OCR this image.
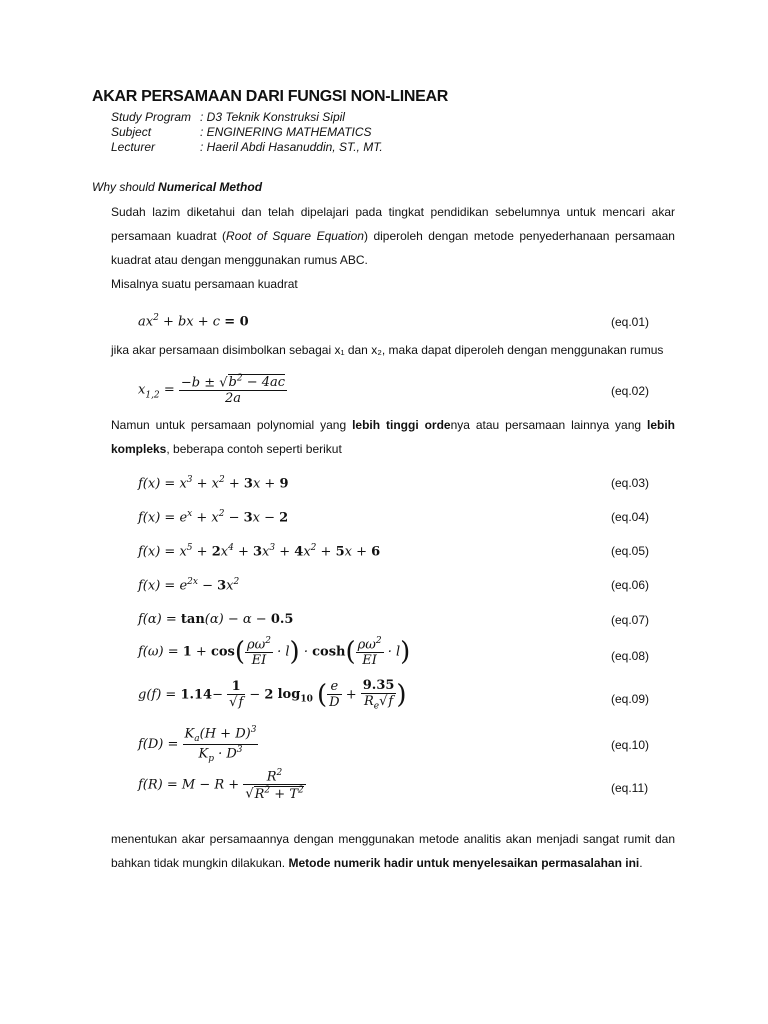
AKAR PERSAMAAN DARI FUNGSI NON-LINEAR
Study Program : D3 Teknik Konstruksi Sipil
Subject	: ENGINERING MATHEMATICS
Lecturer	: Haeril Abdi Hasanuddin, ST., MT.
Why should Numerical Method
Sudah lazim diketahui dan telah dipelajari pada tingkat pendidikan sebelumnya untuk mencari akar persamaan kuadrat (Root of Square Equation) diperoleh dengan metode penyederhanaan persamaan kuadrat atau dengan menggunakan rumus ABC.
Misalnya suatu persamaan kuadrat
$ax^2$ + bx + c = 0	(eq.01)
jika akar persamaan disimbolkan sebagai x₁ dan x₂, maka dapat diperoleh dengan menggunakan rumus
$x_{1,2} = \frac{-b \pm √b^2 - 4ac}{2a}$	(eq.02)
Namun untuk persamaan polynomial yang lebih tinggi ordenya atau persamaan lainnya yang lebih kompleks, beberapa contoh seperti berikut
$f(x) = x^3 + x^2 + 3x + 9$	(eq.03)
$f(x) = e^x + x^2 - 3x - 2$	(eq.04)
$f(x) = x^5 + 2x^4 + 3x^3 + 4x^2 + 5x + 6$	(eq.05)
$f(x) = e^{2x} - 3x^2$	(eq.06)
f(α) = tan(α) − α − 0.5	(eq.07)
$f(\omega) = 1 + \cos( \frac{\rho\omega^2}{EI} \cdot l) \cdot \cosh( \frac{\rho\omega^2}{EI} \cdot l)$	(eq.08)
$g(f) = 1.14- \frac{1}{√f} - 2$ $\log_{10}$ ( $\frac{e}{D} + \frac{9.35}{R_e√f}$ )	(eq.09)
$f(D) = \frac{K_a(H + D)^3}{K_p \cdot D^3}$	(eq.10)
$f(R) = M - R + \frac{R^2}{√R^2 + T^2}$	(eq.11)
menentukan akar persamaannya dengan menggunakan metode analitis akan menjadi sangat rumit dan bahkan tidak mungkin dilakukan. Metode numerik hadir untuk menyelesaikan permasalahan ini.
